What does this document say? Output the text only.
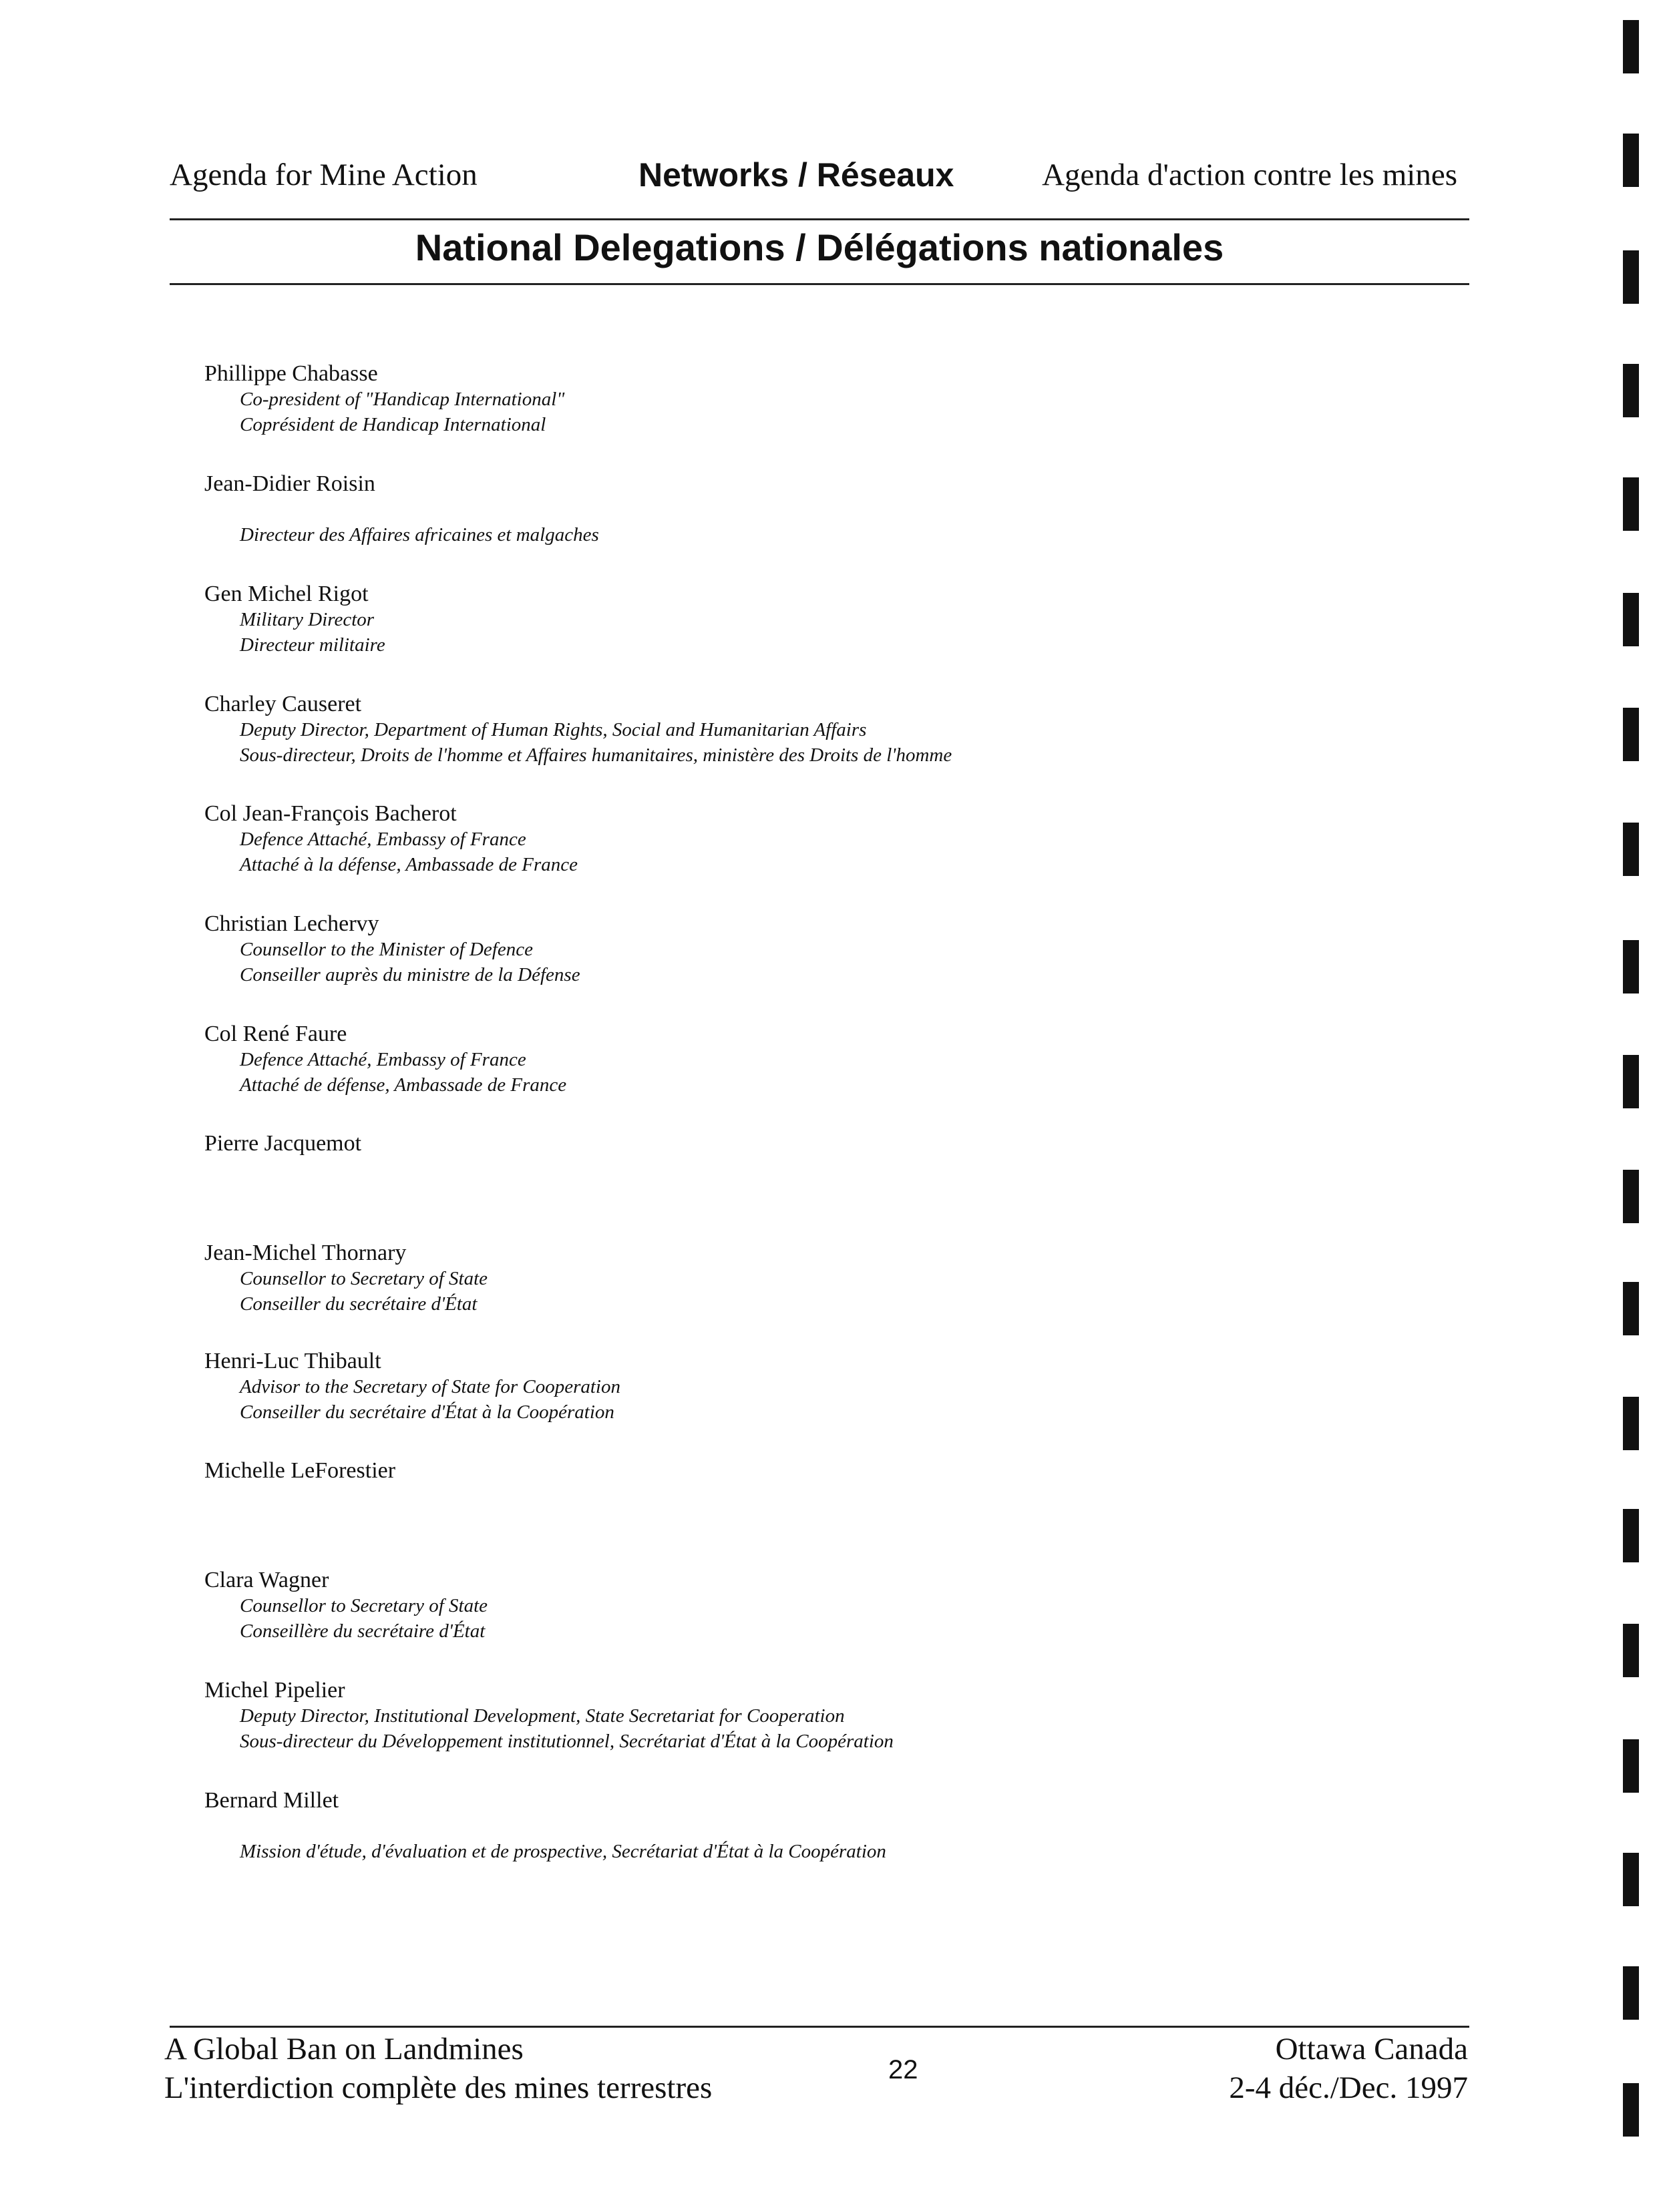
Agenda for Mine Action	Networks / Réseaux	Agenda d'action contre les mines
National Delegations / Délégations nationales
Phillippe Chabasse
Co-president of "Handicap International"
Coprésident de Handicap International
Jean-Didier Roisin
Directeur des Affaires africaines et malgaches
Gen Michel Rigot
Military Director
Directeur militaire
Charley Causeret
Deputy Director, Department of Human Rights, Social and Humanitarian Affairs
Sous-directeur, Droits de l'homme et Affaires humanitaires, ministère des Droits de l'homme
Col Jean-François Bacherot
Defence Attaché, Embassy of France
Attaché à la défense, Ambassade de France
Christian Lechervy
Counsellor to the Minister of Defence
Conseiller auprès du ministre de la Défense
Col René Faure
Defence Attaché, Embassy of France
Attaché de défense, Ambassade de France
Pierre Jacquemot
Jean-Michel Thornary
Counsellor to Secretary of State
Conseiller du secrétaire d'État
Henri-Luc Thibault
Advisor to the Secretary of State for Cooperation
Conseiller du secrétaire d'État à la Coopération
Michelle LeForestier
Clara Wagner
Counsellor to Secretary of State
Conseillère du secrétaire d'État
Michel Pipelier
Deputy Director, Institutional Development, State Secretariat for Cooperation
Sous-directeur du Développement institutionnel, Secrétariat d'État à la Coopération
Bernard Millet
Mission d'étude, d'évaluation et de prospective, Secrétariat d'État à la Coopération
A Global Ban on Landmines
L'interdiction complète des mines terrestres
22
Ottawa Canada
2-4 déc./Dec. 1997
